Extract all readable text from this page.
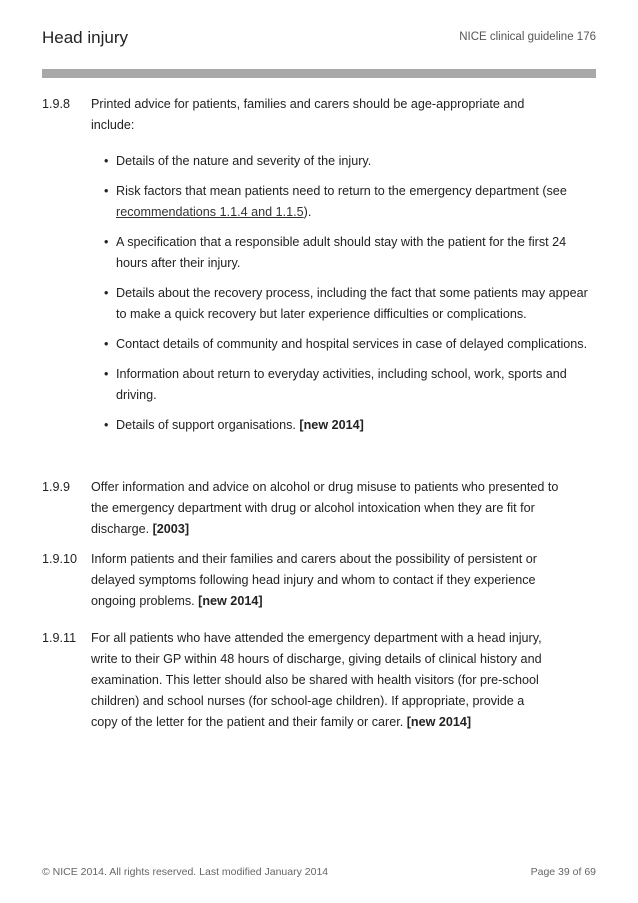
Head injury	NICE clinical guideline 176
1.9.8	Printed advice for patients, families and carers should be age-appropriate and include:
• Details of the nature and severity of the injury.
• Risk factors that mean patients need to return to the emergency department (see recommendations 1.1.4 and 1.1.5).
• A specification that a responsible adult should stay with the patient for the first 24 hours after their injury.
• Details about the recovery process, including the fact that some patients may appear to make a quick recovery but later experience difficulties or complications.
• Contact details of community and hospital services in case of delayed complications.
• Information about return to everyday activities, including school, work, sports and driving.
• Details of support organisations. [new 2014]
1.9.9	Offer information and advice on alcohol or drug misuse to patients who presented to the emergency department with drug or alcohol intoxication when they are fit for discharge. [2003]
1.9.10	Inform patients and their families and carers about the possibility of persistent or delayed symptoms following head injury and whom to contact if they experience ongoing problems. [new 2014]
1.9.11	For all patients who have attended the emergency department with a head injury, write to their GP within 48 hours of discharge, giving details of clinical history and examination. This letter should also be shared with health visitors (for pre-school children) and school nurses (for school-age children). If appropriate, provide a copy of the letter for the patient and their family or carer. [new 2014]
© NICE 2014. All rights reserved. Last modified January 2014	Page 39 of 69
